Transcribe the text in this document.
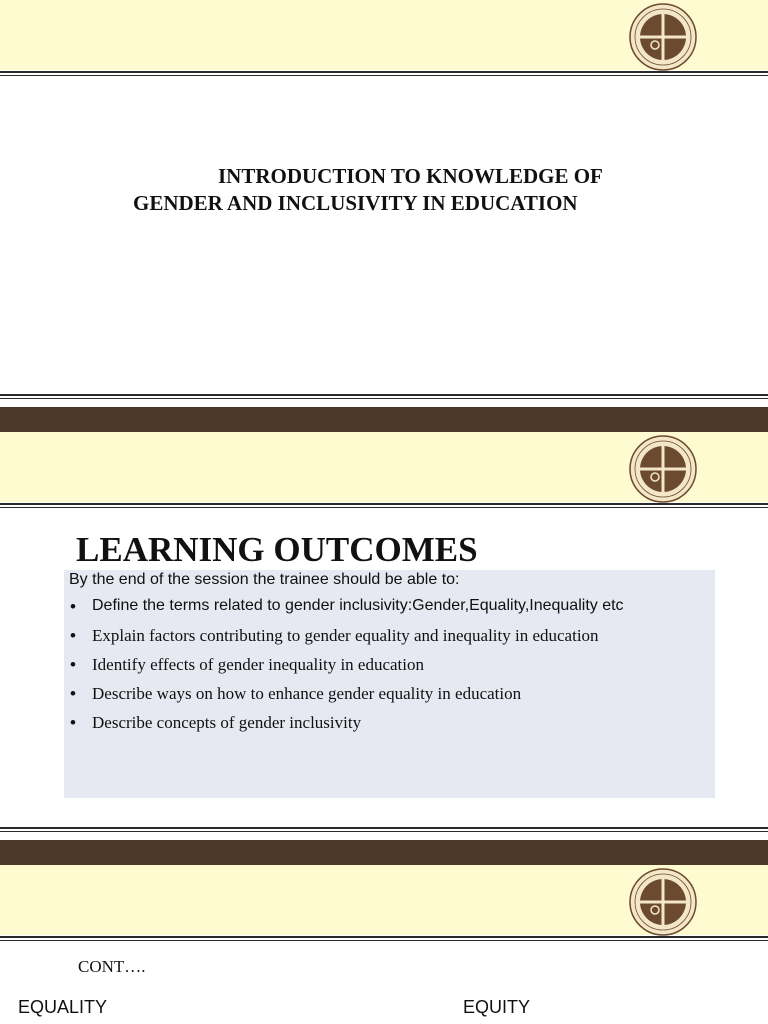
INTRODUCTION TO KNOWLEDGE OF
GENDER AND INCLUSIVITY IN EDUCATION
LEARNING OUTCOMES
By the end of the session the trainee should be able to:
• Define the terms related to gender inclusivity:Gender,Equality,Inequality etc
• Explain factors contributing to gender equality and inequality in education
• Identify effects of gender inequality in education
• Describe ways on how to enhance gender equality in education
• Describe concepts of gender inclusivity
CONT….
EQUALITY	EQUITY
